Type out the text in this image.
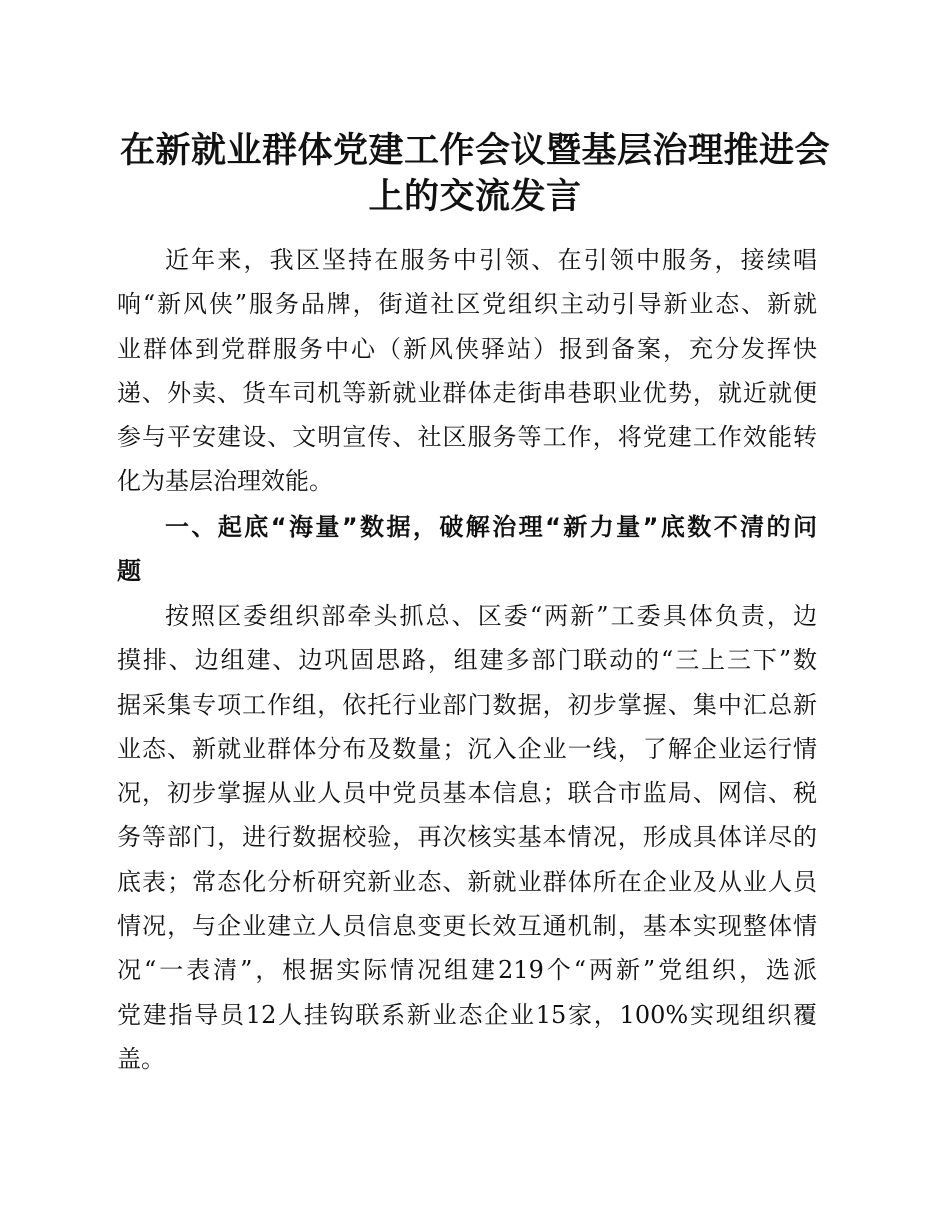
在新就业群体党建工作会议暨基层治理推进会
上的交流发言

近年来，我区坚持在服务中引领、在引领中服务，接续唱
响“新风侠”服务品牌，街道社区党组织主动引导新业态、新就
业群体到党群服务中心（新风侠驿站）报到备案，充分发挥快
递、外卖、货车司机等新就业群体走街串巷职业优势，就近就便
参与平安建设、文明宣传、社区服务等工作，将党建工作效能转
化为基层治理效能。

一、起底“海量”数据，破解治理“新力量”底数不清的问
题

按照区委组织部牵头抓总、区委“两新”工委具体负责，边
摸排、边组建、边巩固思路，组建多部门联动的“三上三下”数
据采集专项工作组，依托行业部门数据，初步掌握、集中汇总新
业态、新就业群体分布及数量；沉入企业一线，了解企业运行情
况，初步掌握从业人员中党员基本信息；联合市监局、网信、税
务等部门，进行数据校验，再次核实基本情况，形成具体详尽的
底表；常态化分析研究新业态、新就业群体所在企业及从业人员
情况，与企业建立人员信息变更长效互通机制，基本实现整体情
况“一表清”，根据实际情况组建219个“两新”党组织，选派
党建指导员12人挂钩联系新业态企业15家，100%实现组织覆
盖。
